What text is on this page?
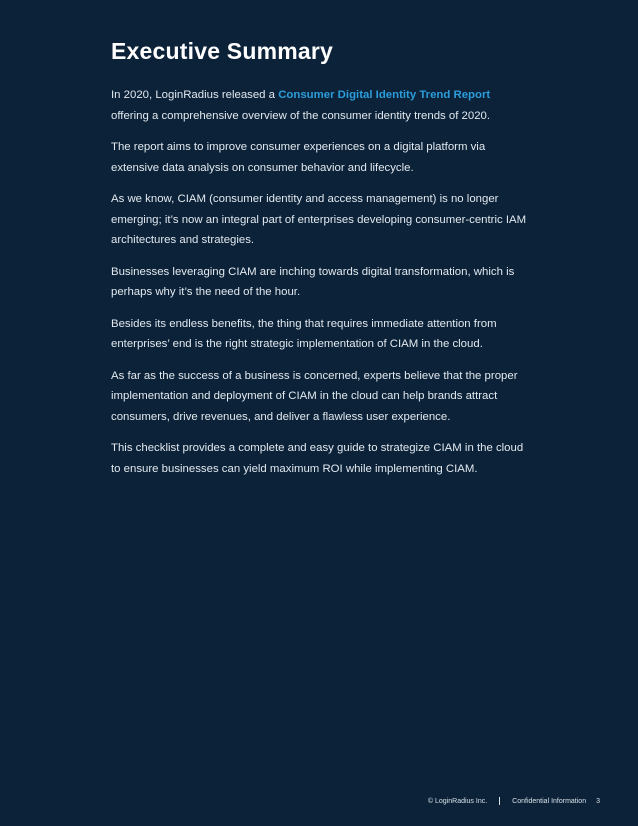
Executive Summary

In 2020, LoginRadius released a Consumer Digital Identity Trend Report offering a comprehensive overview of the consumer identity trends of 2020.

The report aims to improve consumer experiences on a digital platform via extensive data analysis on consumer behavior and lifecycle.

As we know, CIAM (consumer identity and access management) is no longer emerging; it’s now an integral part of enterprises developing consumer-centric IAM architectures and strategies.

Businesses leveraging CIAM are inching towards digital transformation, which is perhaps why it’s the need of the hour.

Besides its endless benefits, the thing that requires immediate attention from enterprises’ end is the right strategic implementation of CIAM in the cloud.

As far as the success of a business is concerned, experts believe that the proper implementation and deployment of CIAM in the cloud can help brands attract consumers, drive revenues, and deliver a flawless user experience.

This checklist provides a complete and easy guide to strategize CIAM in the cloud to ensure businesses can yield maximum ROI while implementing CIAM.

© LoginRadius Inc.	Confidential Information 3
